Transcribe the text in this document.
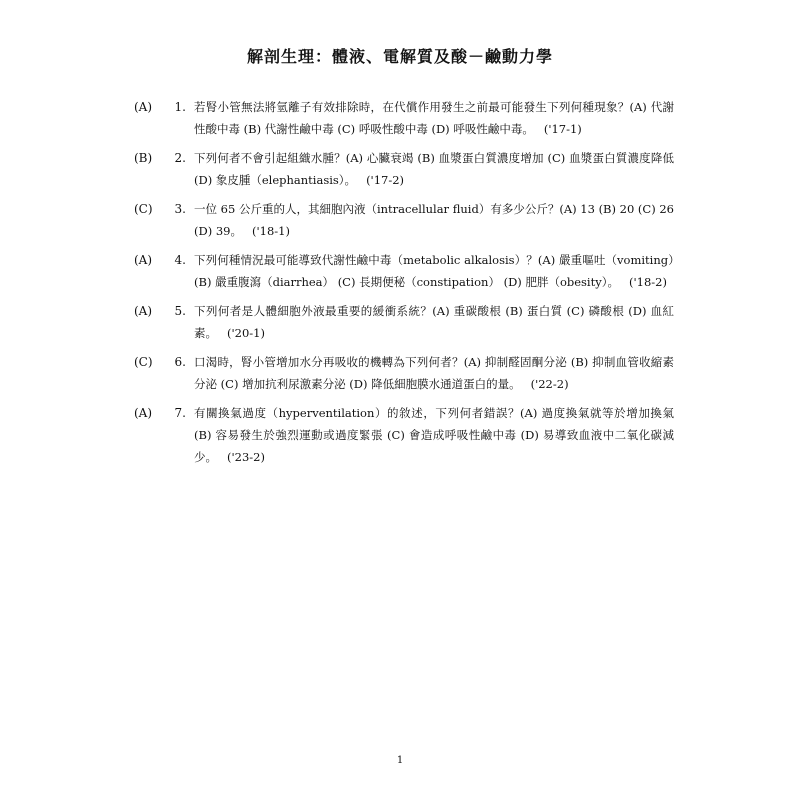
解剖生理：體液、電解質及酸－鹼動力學
(A)	1. 若腎小管無法將氫離子有效排除時，在代償作用發生之前最可能發生下列何種現象？(A) 代謝性酸中毒 (B) 代謝性鹼中毒 (C) 呼吸性酸中毒 (D) 呼吸性鹼中毒。 ('17-1)
(B)	2. 下列何者不會引起組織水腫？(A) 心臟衰竭 (B) 血漿蛋白質濃度增加 (C) 血漿蛋白質濃度降低 (D) 象皮腫（elephantiasis）。 ('17-2)
(C)	3. 一位 65 公斤重的人，其細胞內液（intracellular fluid）有多少公斤？(A) 13 (B) 20 (C) 26 (D) 39。 ('18-1)
(A)	4. 下列何種情況最可能導致代謝性鹼中毒（metabolic alkalosis）？(A) 嚴重嘔吐（vomiting）(B) 嚴重腹瀉（diarrhea） (C) 長期便秘（constipation） (D) 肥胖（obesity）。 ('18-2)
(A)	5. 下列何者是人體細胞外液最重要的緩衝系統？(A) 重碳酸根 (B) 蛋白質 (C) 磷酸根 (D) 血紅素。 ('20-1)
(C)	6. 口渴時，腎小管增加水分再吸收的機轉為下列何者？(A) 抑制醛固酮分泌 (B) 抑制血管收縮素分泌 (C) 增加抗利尿激素分泌 (D) 降低細胞膜水通道蛋白的量。 ('22-2)
(A)	7. 有關換氣過度（hyperventilation）的敘述，下列何者錯誤？(A) 過度換氣就等於增加換氣 (B) 容易發生於強烈運動或過度緊張 (C) 會造成呼吸性鹼中毒 (D) 易導致血液中二氧化碳減少。 ('23-2)
1
